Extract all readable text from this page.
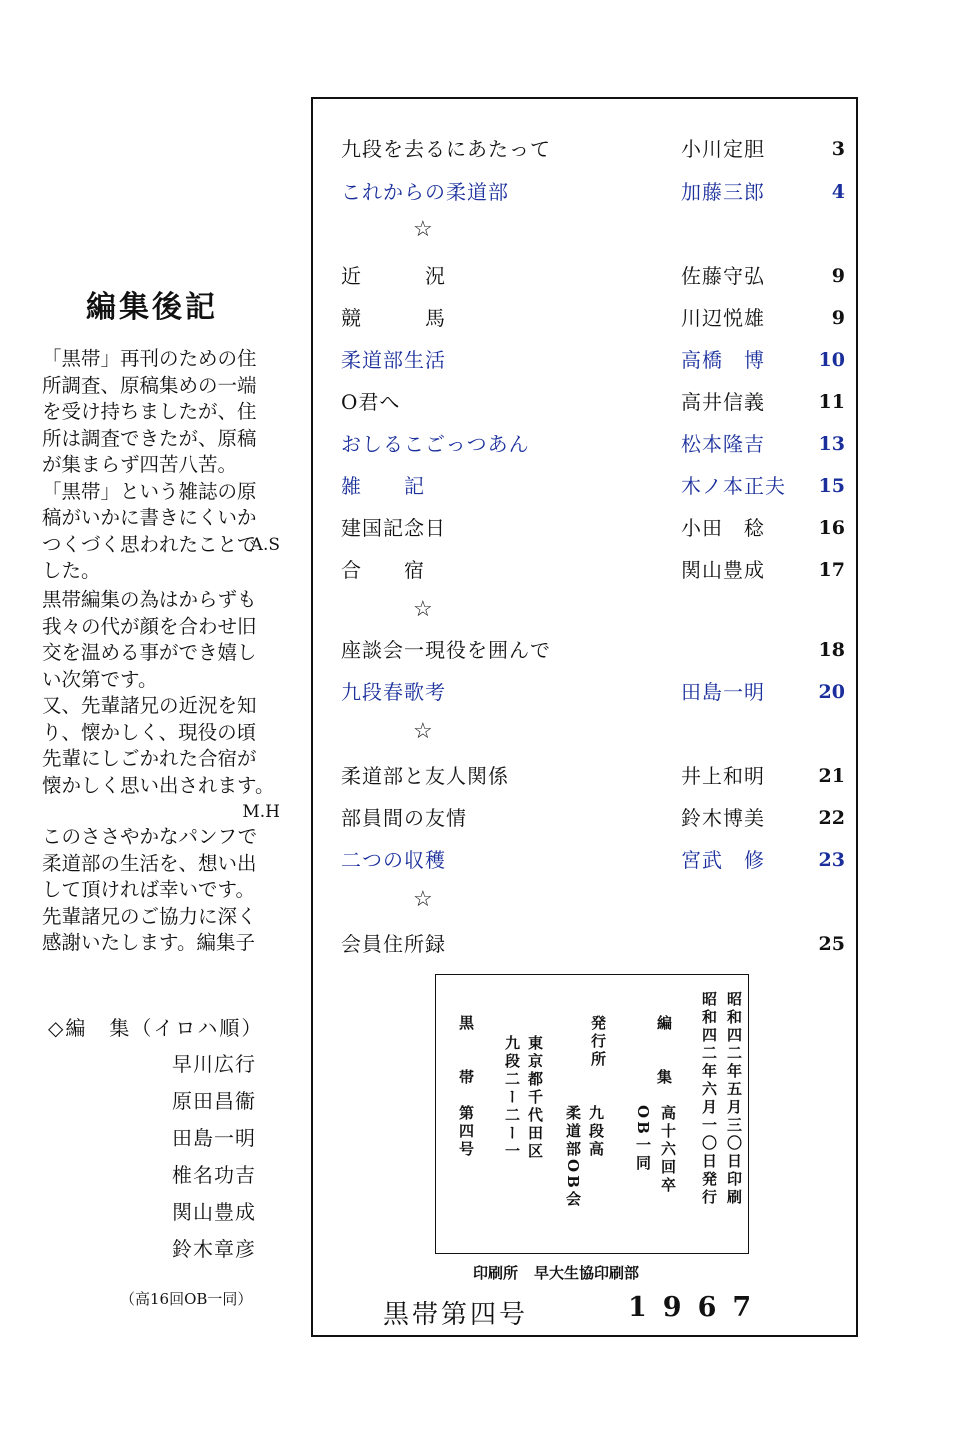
編集後記
「黒帯」再刊のための住
所調査、原稿集めの一端
を受け持ちましたが、住
所は調査できたが、原稿
が集まらず四苦八苦。
「黒帯」という雑誌の原
稿がいかに書きにくいか
つくづく思われたことで
した。
A.S
黒帯編集の為はからずも
我々の代が顔を合わせ旧
交を温める事ができ嬉し
い次第です。
又、先輩諸兄の近況を知
り、懐かしく、現役の頃
先輩にしごかれた合宿が
懐かしく思い出されます。
M.H
このささやかなパンフで
柔道部の生活を、想い出
して頂ければ幸いです。
先輩諸兄のご協力に深く
感謝いたします。編集子
◇編　集（イロハ順）
早川広行
原田昌衞
田島一明
椎名功吉
関山豊成
鈴木章彦
（高16回OB一同）
九段を去るにあたって	小川定胆	3
これからの柔道部	加藤三郎	4
☆
近　　　況	佐藤守弘	9
競　　　馬	川辺悦雄	9
柔道部生活	高橋　博	10
O君へ	高井信義	11
おしるこごっつあん	松本隆吉	13
雑　　記	木ノ本正夫 15
建国記念日	小田　稔	16
合　　宿	関山豊成	17
☆
座談会一現役を囲んで	18
九段春歌考	田島一明	20
☆
柔道部と友人関係	井上和明	21
部員間の友情	鈴木博美	22
二つの収穫	宮武　修	23
☆
会員住所録	25
昭和四二年五月三〇日印刷
昭和四二年六月一〇日発行
編　　集
高十六回卒
OB一同
発行所
九段高
柔道部OB会
東京都千代田区
九段二ー二ー一
黒　　帯
第四号
印刷所 早大生協印刷部
黒帯第四号	1967
